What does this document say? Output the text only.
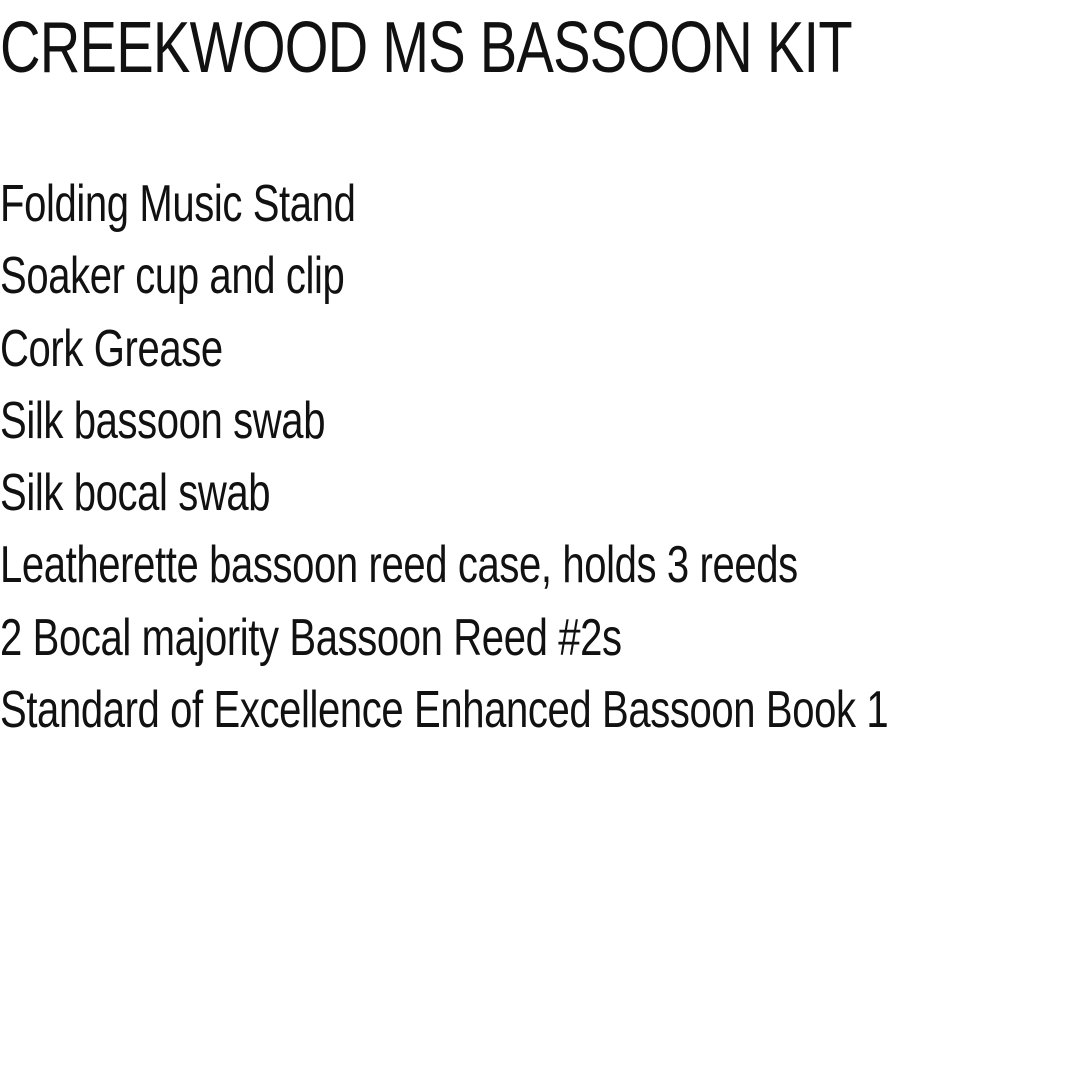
CREEKWOOD MS BASSOON KIT
Folding Music Stand
Soaker cup and clip
Cork Grease
Silk bassoon swab
Silk bocal swab
Leatherette bassoon reed case, holds 3 reeds
2 Bocal majority Bassoon Reed #2s
Standard of Excellence Enhanced Bassoon Book 1
